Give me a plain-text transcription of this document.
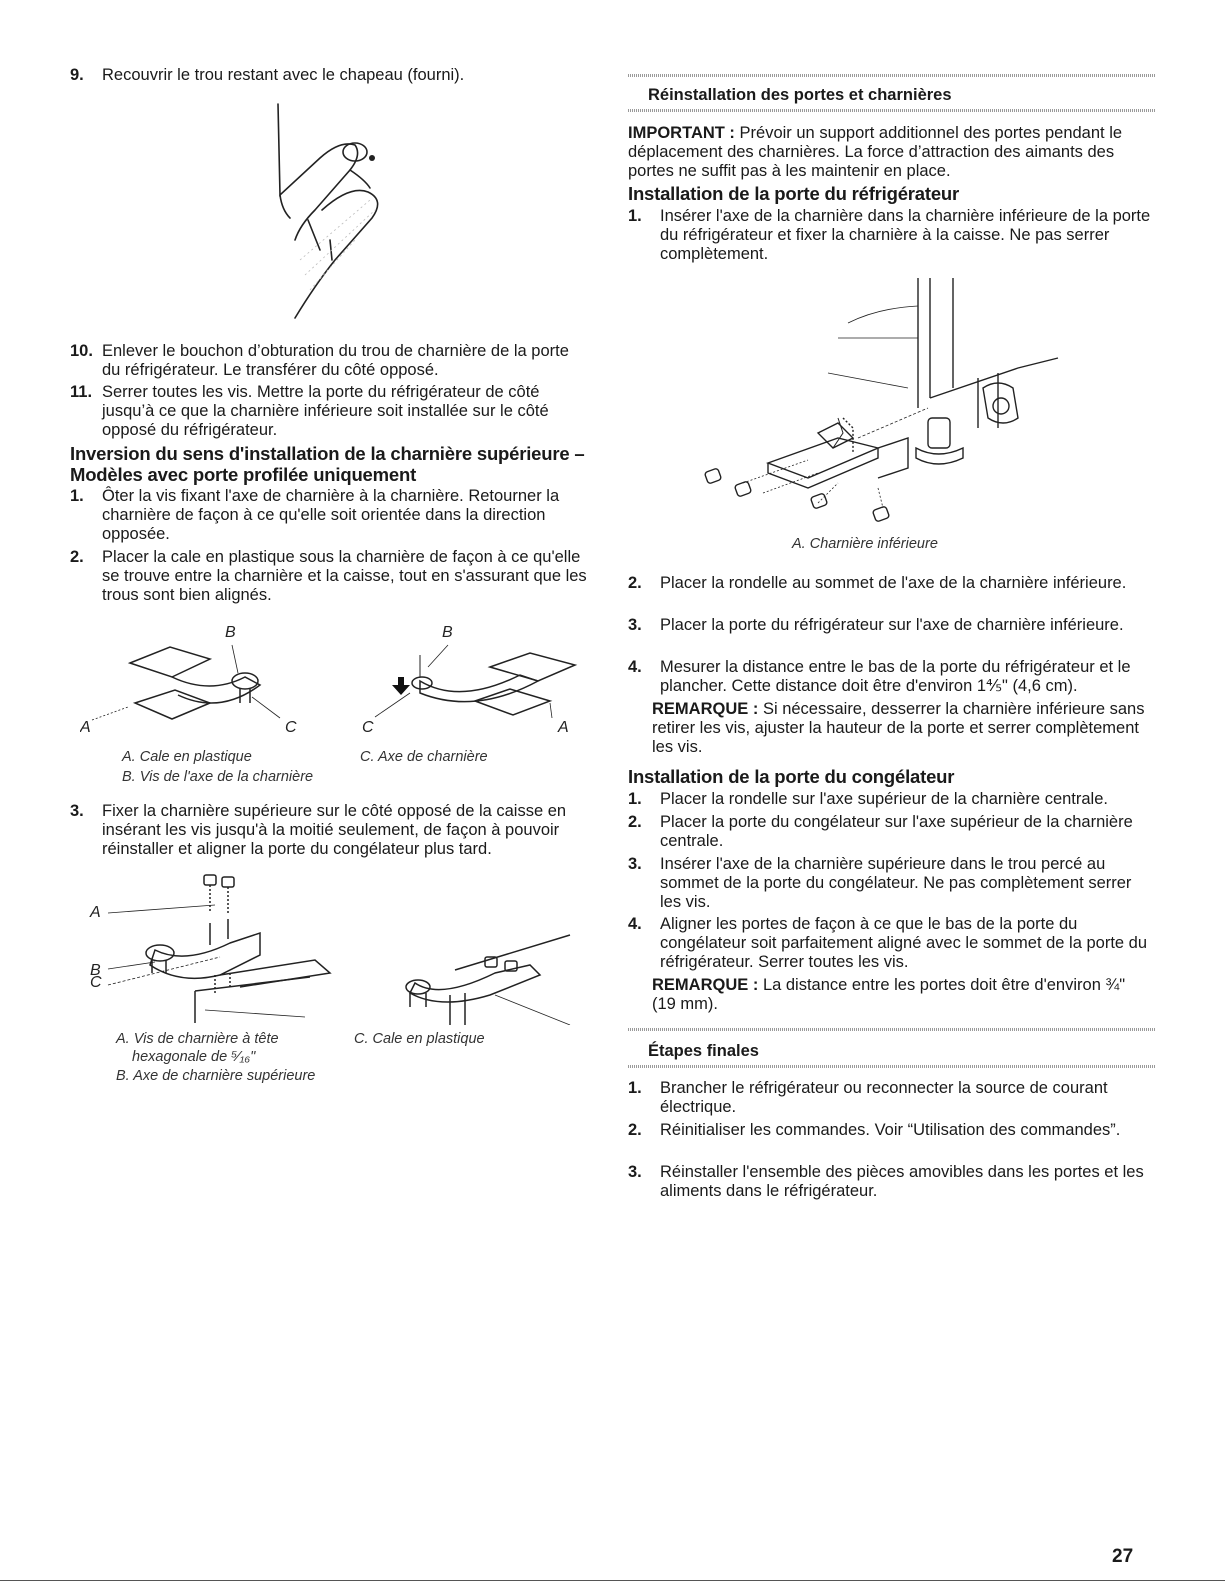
9.	Recouvrir le trou restant avec le chapeau (fourni).
10. Enlever le bouchon d’obturation du trou de charnière de la porte du réfrigérateur. Le transférer du côté opposé.
11. Serrer toutes les vis. Mettre la porte du réfrigérateur de côté jusqu’à ce que la charnière inférieure soit installée sur le côté opposé du réfrigérateur.
Inversion du sens d'installation de la charnière supérieure – Modèles avec porte profilée uniquement
1.	Ôter la vis fixant l'axe de charnière à la charnière. Retourner la charnière de façon à ce qu'elle soit orientée dans la direction opposée.
2.	Placer la cale en plastique sous la charnière de façon à ce qu'elle se trouve entre la charnière et la caisse, tout en s'assurant que les trous sont bien alignés.
B	B
A	C	C	A
A. Cale en plastique
B. Vis de l'axe de la charnière
C. Axe de charnière
3.	Fixer la charnière supérieure sur le côté opposé de la caisse en insérant les vis jusqu'à la moitié seulement, de façon à pouvoir réinstaller et aligner la porte du congélateur plus tard.
A
B
C
A. Vis de charnière à tête
hexagonale de ⁵⁄₁₆"
B. Axe de charnière supérieure
C. Cale en plastique
Réinstallation des portes et charnières
IMPORTANT : Prévoir un support additionnel des portes pendant le déplacement des charnières. La force d’attraction des aimants des portes ne suffit pas à les maintenir en place.
Installation de la porte du réfrigérateur
1.	Insérer l'axe de la charnière dans la charnière inférieure de la porte du réfrigérateur et fixer la charnière à la caisse. Ne pas serrer complètement.
A. Charnière inférieure
2.	Placer la rondelle au sommet de l'axe de la charnière inférieure.
3.	Placer la porte du réfrigérateur sur l'axe de charnière inférieure.
4.	Mesurer la distance entre le bas de la porte du réfrigérateur et le plancher. Cette distance doit être d'environ 1⅘" (4,6 cm).
REMARQUE : Si nécessaire, desserrer la charnière inférieure sans retirer les vis, ajuster la hauteur de la porte et serrer complètement les vis.
Installation de la porte du congélateur
1.	Placer la rondelle sur l'axe supérieur de la charnière centrale.
2.	Placer la porte du congélateur sur l'axe supérieur de la charnière centrale.
3.	Insérer l'axe de la charnière supérieure dans le trou percé au sommet de la porte du congélateur. Ne pas complètement serrer les vis.
4.	Aligner les portes de façon à ce que le bas de la porte du congélateur soit parfaitement aligné avec le sommet de la porte du réfrigérateur. Serrer toutes les vis.
REMARQUE : La distance entre les portes doit être d'environ ¾" (19 mm).
Étapes finales
1.	Brancher le réfrigérateur ou reconnecter la source de courant électrique.
2.	Réinitialiser les commandes. Voir “Utilisation des commandes”.
3.	Réinstaller l'ensemble des pièces amovibles dans les portes et les aliments dans le réfrigérateur.
27
